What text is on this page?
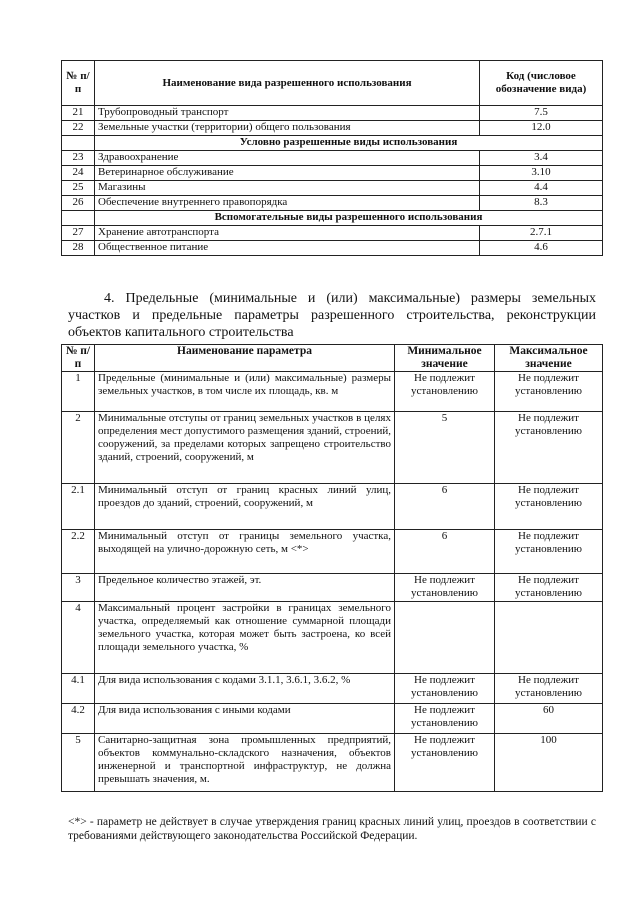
№ п/п	Наименование вида разрешенного использования	Код (числовое обозначение вида)
21	Трубопроводный транспорт	7.5
22	Земельные участки (территории) общего пользования	12.0
	Условно разрешенные виды использования	
23	Здравоохранение	3.4
24	Ветеринарное обслуживание	3.10
25	Магазины	4.4
26	Обеспечение внутреннего правопорядка	8.3
	Вспомогательные виды разрешенного использования	
27	Хранение автотранспорта	2.7.1
28	Общественное питание	4.6

4. Предельные (минимальные и (или) максимальные) размеры земельных участков и предельные параметры разрешенного строительства, реконструкции объектов капитального строительства

№ п/п	Наименование параметра	Минимальное значение	Максимальное значение
1	Предельные (минимальные и (или) максимальные) размеры земельных участков, в том числе их площадь, кв. м	Не подлежит установлению	Не подлежит установлению
2	Минимальные отступы от границ земельных участков в целях определения мест допустимого размещения зданий, строений, сооружений, за пределами которых запрещено строительство зданий, строений, сооружений, м	5	Не подлежит установлению
2.1	Минимальный отступ от границ красных линий улиц, проездов до зданий, строений, сооружений, м	6	Не подлежит установлению
2.2	Минимальный отступ от границы земельного участка, выходящей на улично-дорожную сеть, м <*>	6	Не подлежит установлению
3	Предельное количество этажей, эт.	Не подлежит установлению	Не подлежит установлению
4	Максимальный процент застройки в границах земельного участка, определяемый как отношение суммарной площади земельного участка, которая может быть застроена, ко всей площади земельного участка, %		
4.1	Для вида использования с кодами 3.1.1, 3.6.1, 3.6.2, %	Не подлежит установлению	Не подлежит установлению
4.2	Для вида использования с иными кодами	Не подлежит установлению	60
5	Санитарно-защитная зона промышленных предприятий, объектов коммунально-складского назначения, объектов инженерной и транспортной инфраструктур, не должна превышать значения, м.	Не подлежит установлению	100

<*> - параметр не действует в случае утверждения границ красных линий улиц, проездов в соответствии с требованиями действующего законодательства Российской Федерации.
